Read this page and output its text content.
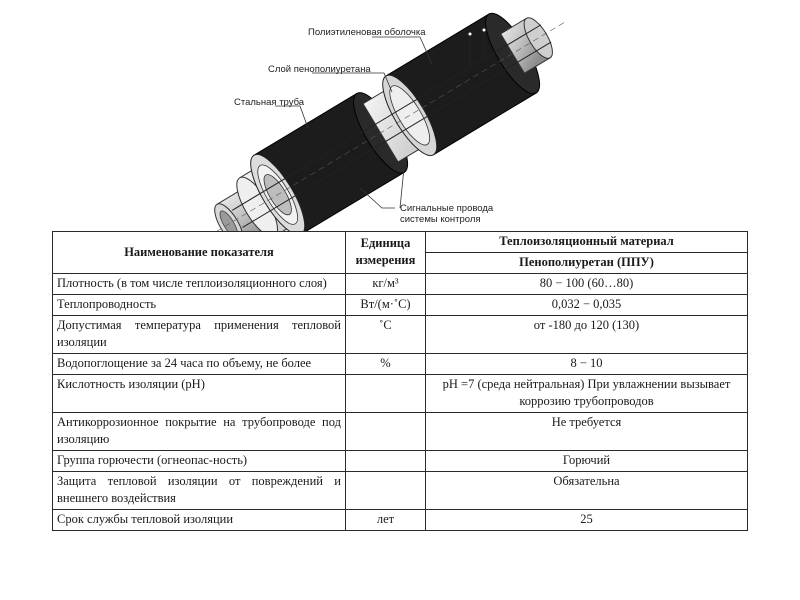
Полиэтиленовая оболочка
Слой пенополиуретана
Стальная труба
Сигнальные провода
системы контроля
Наименование показателя	Единица измерения	Теплоизоляционный материал
		Пенополиуретан (ППУ)
Плотность (в том числе теплоизоляционного слоя)	кг/м³	80 − 100 (60…80)
Теплопроводность	Вт/(м·˚С)	0,032 − 0,035
Допустимая температура применения тепловой изоляции	˚С	от -180 до 120 (130)
Водопоглощение за 24 часа по объему, не более	%	8 − 10
Кислотность изоляции (pH)		pH =7 (среда нейтральная) При увлажнении вызывает коррозию трубопроводов
Антикоррозионное покрытие на трубопроводе под изоляцию		Не требуется
Группа горючести (огнеопас-ность)		Горючий
Защита тепловой изоляции от повреждений и внешнего воздействия		Обязательна
Срок службы тепловой изоляции	лет	25
